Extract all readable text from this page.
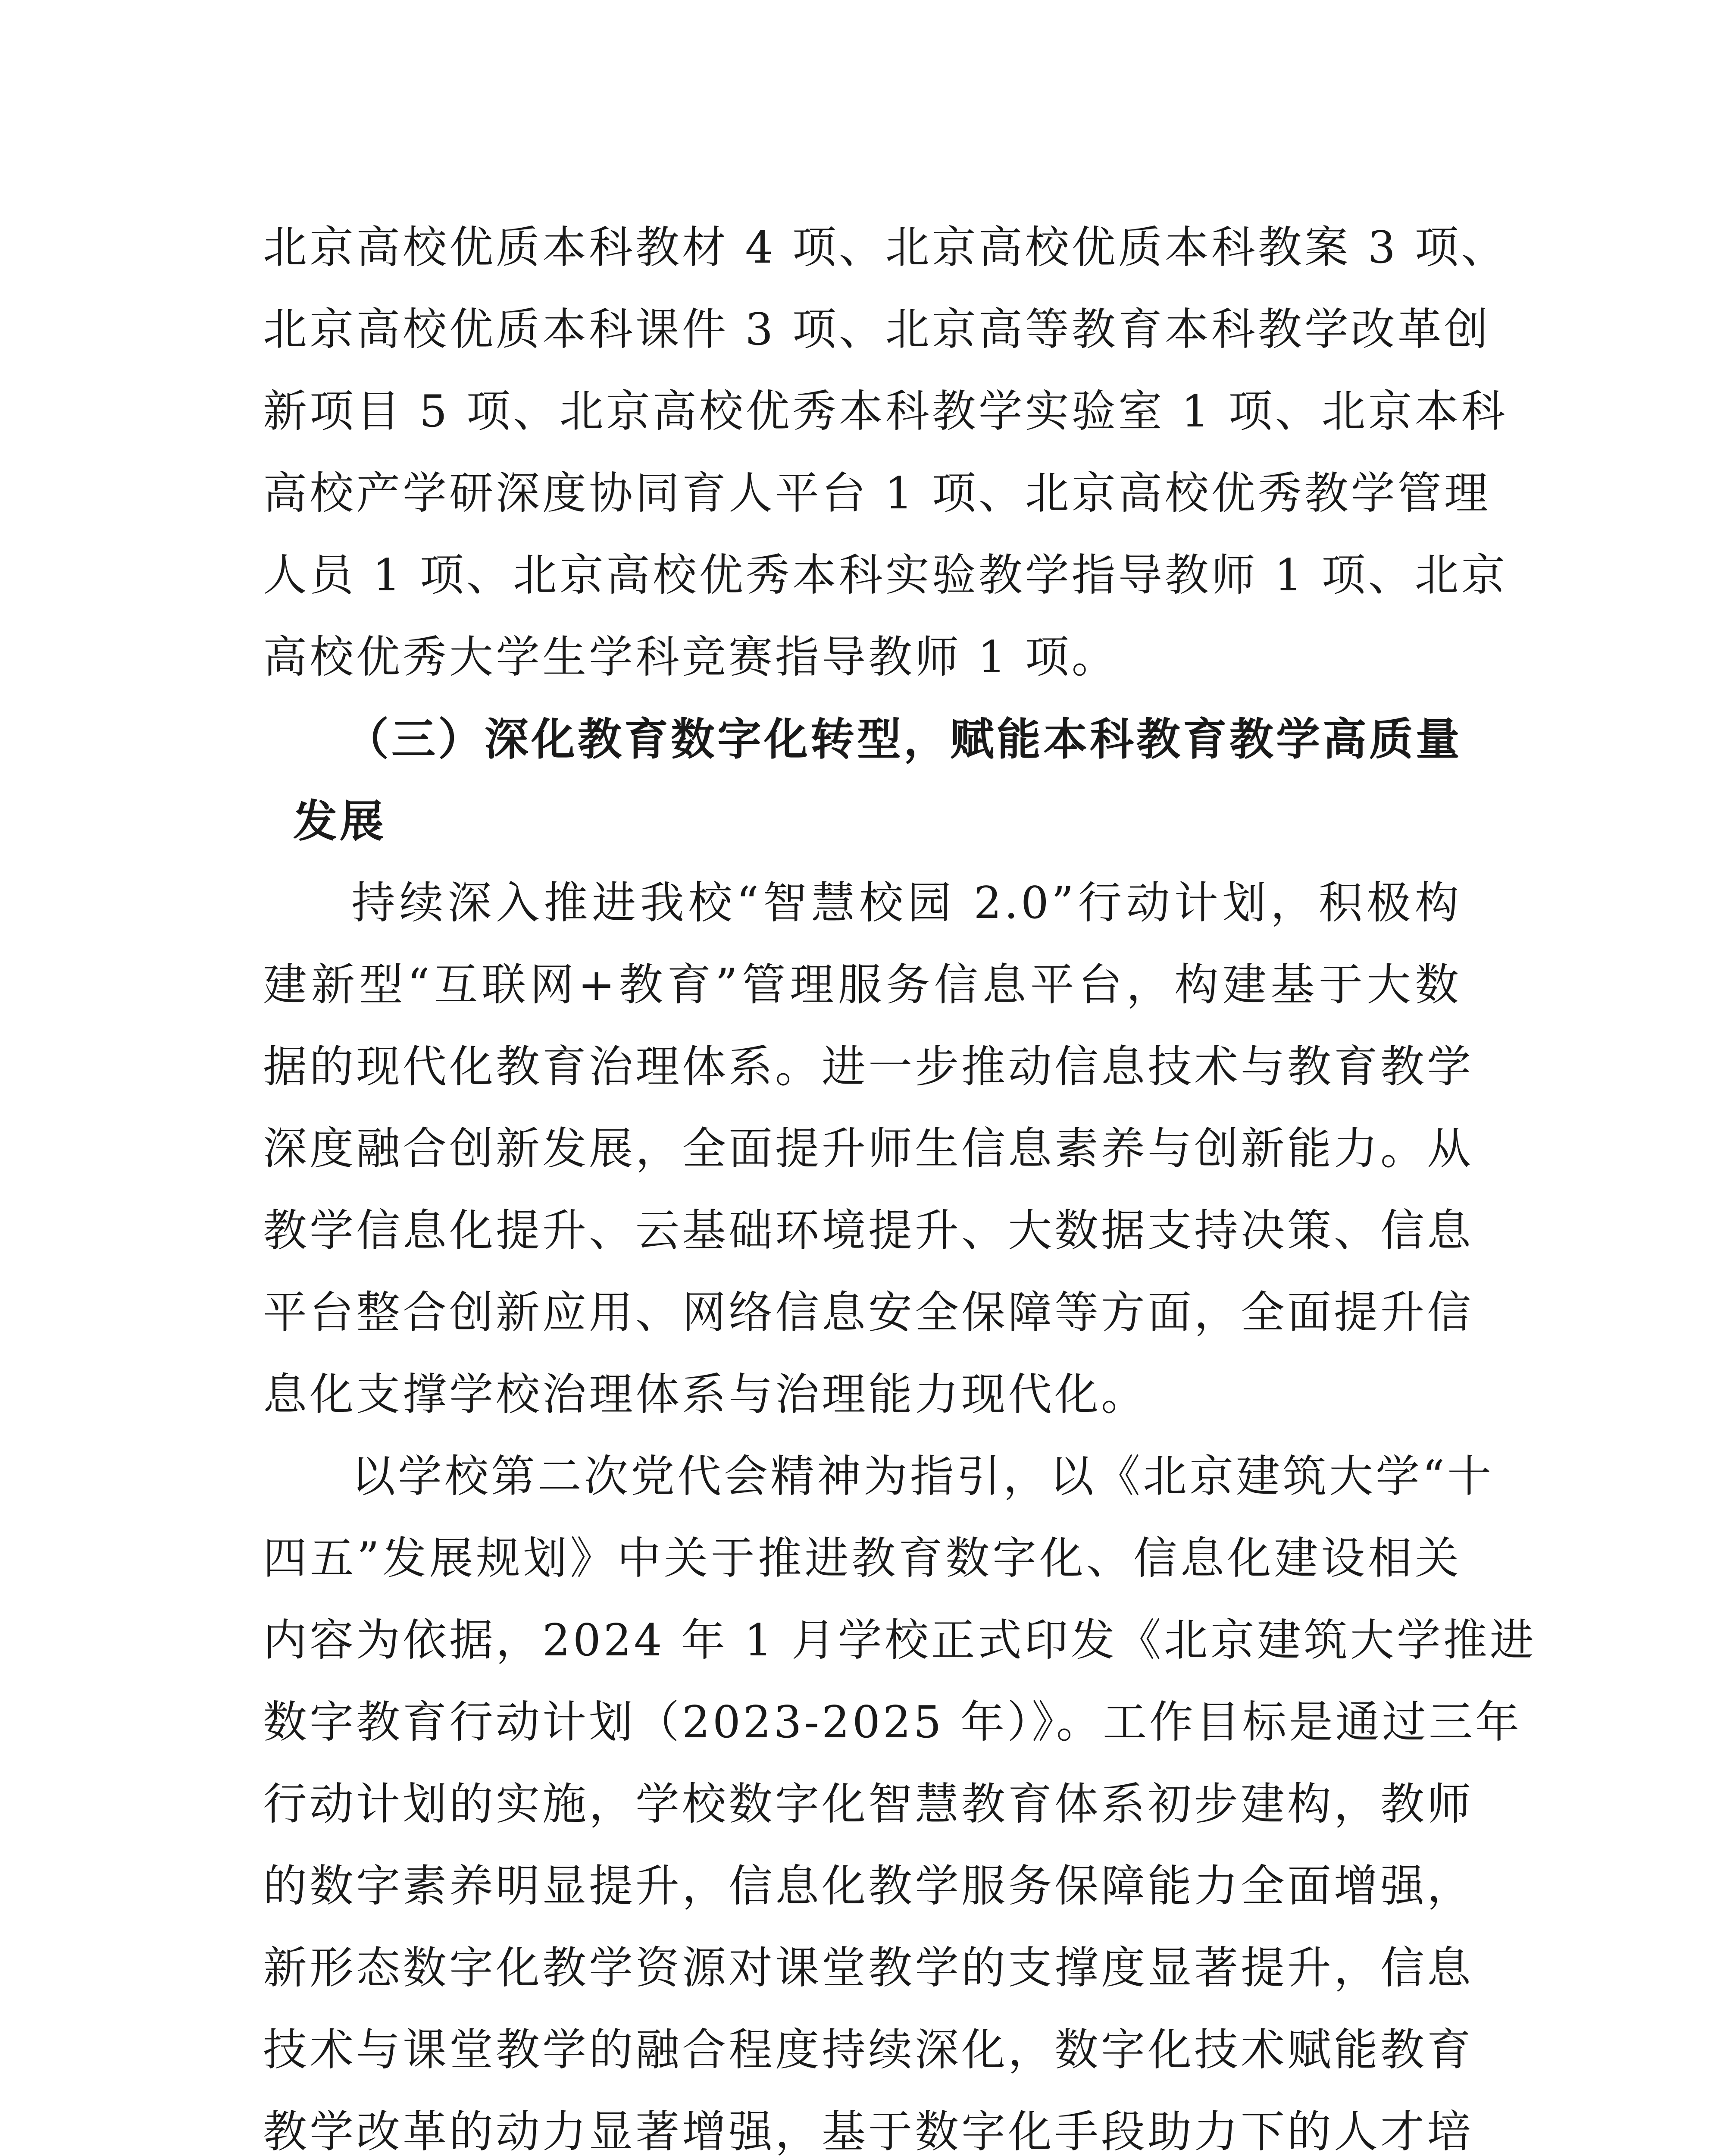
北京高校优质本科教材 4 项、北京高校优质本科教案 3 项、
北京高校优质本科课件 3 项、北京高等教育本科教学改革创
新项目 5 项、北京高校优秀本科教学实验室 1 项、北京本科
高校产学研深度协同育人平台 1 项、北京高校优秀教学管理
人员 1 项、北京高校优秀本科实验教学指导教师 1 项、北京
高校优秀大学生学科竞赛指导教师 1 项。
（三）深化教育数字化转型，赋能本科教育教学高质量
发展
持续深入推进我校“智慧校园 2.0”行动计划，积极构
建新型“互联网+教育”管理服务信息平台，构建基于大数
据的现代化教育治理体系。进一步推动信息技术与教育教学
深度融合创新发展，全面提升师生信息素养与创新能力。从
教学信息化提升、云基础环境提升、大数据支持决策、信息
平台整合创新应用、网络信息安全保障等方面，全面提升信
息化支撑学校治理体系与治理能力现代化。
以学校第二次党代会精神为指引，以《北京建筑大学“十
四五”发展规划》中关于推进教育数字化、信息化建设相关
内容为依据，2024 年 1 月学校正式印发《北京建筑大学推进
数字教育行动计划（2023-2025 年）》。工作目标是通过三年
行动计划的实施，学校数字化智慧教育体系初步建构，教师
的数字素养明显提升，信息化教学服务保障能力全面增强，
新形态数字化教学资源对课堂教学的支撑度显著提升，信息
技术与课堂教学的融合程度持续深化，数字化技术赋能教育
教学改革的动力显著增强，基于数字化手段助力下的人才培
